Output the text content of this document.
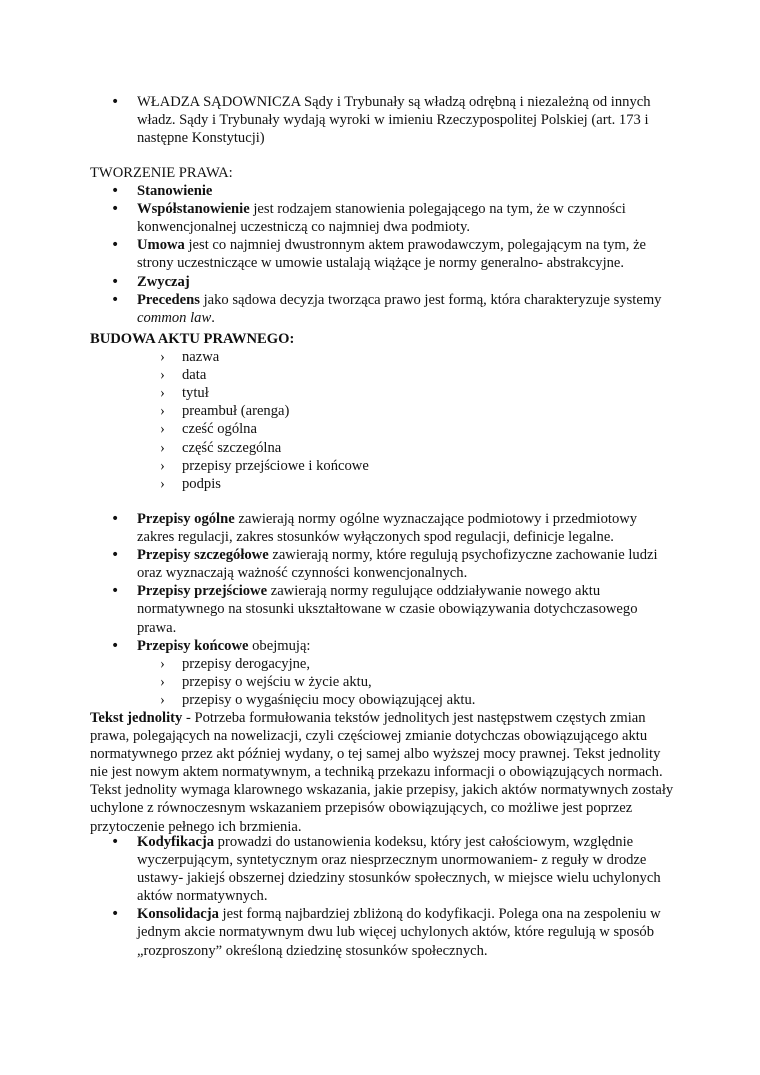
• WŁADZA SĄDOWNICZA Sądy i Trybunały są władzą odrębną i niezależną od innych władz. Sądy i Trybunały wydają wyroki w imieniu Rzeczypospolitej Polskiej (art. 173 i następne Konstytucji)

TWORZENIE PRAWA:

• Stanowienie
• Współstanowienie jest rodzajem stanowienia polegającego na tym, że w czynności konwencjonalnej uczestniczą co najmniej dwa podmioty.
• Umowa jest co najmniej dwustronnym aktem prawodawczym, polegającym na tym, że strony uczestniczące w umowie ustalają wiążące je normy generalno- abstrakcyjne.
• Zwyczaj
• Precedens jako sądowa decyzja tworząca prawo jest formą, która charakteryzuje systemy common law.

BUDOWA AKTU PRAWNEGO:

› nazwa
› data
› tytuł
› preambuł (arenga)
› cześć ogólna
› część szczególna
› przepisy przejściowe i końcowe
› podpis
• Przepisy ogólne zawierają normy ogólne wyznaczające podmiotowy i przedmiotowy zakres regulacji, zakres stosunków wyłączonych spod regulacji, definicje legalne.
• Przepisy szczegółowe zawierają normy, które regulują psychofizyczne zachowanie ludzi oraz wyznaczają ważność czynności konwencjonalnych.
• Przepisy przejściowe zawierają normy regulujące oddziaływanie nowego aktu normatywnego na stosunki ukształtowane w czasie obowiązywania dotychczasowego prawa.
• Przepisy końcowe obejmują:
› przepisy derogacyjne,
› przepisy o wejściu w życie aktu,
› przepisy o wygaśnięciu mocy obowiązującej aktu.

Tekst jednolity - Potrzeba formułowania tekstów jednolitych jest następstwem częstych zmian prawa, polegających na nowelizacji, czyli częściowej zmianie dotychczas obowiązującego aktu normatywnego przez akt później wydany, o tej samej albo wyższej mocy prawnej. Tekst jednolity nie jest nowym aktem normatywnym, a techniką przekazu informacji o obowiązujących normach. Tekst jednolity wymaga klarownego wskazania, jakie przepisy, jakich aktów normatywnych zostały uchylone z równoczesnym wskazaniem przepisów obowiązujących, co możliwe jest poprzez przytoczenie pełnego ich brzmienia.

• Kodyfikacja prowadzi do ustanowienia kodeksu, który jest całościowym, względnie wyczerpującym, syntetycznym oraz niesprzecznym unormowaniem- z reguły w drodze ustawy- jakiejś obszernej dziedziny stosunków społecznych, w miejsce wielu uchylonych aktów normatywnych.
• Konsolidacja jest formą najbardziej zbliżoną do kodyfikacji. Polega ona na zespoleniu w jednym akcie normatywnym dwu lub więcej uchylonych aktów, które regulują w sposób „rozproszony” określoną dziedzinę stosunków społecznych.
